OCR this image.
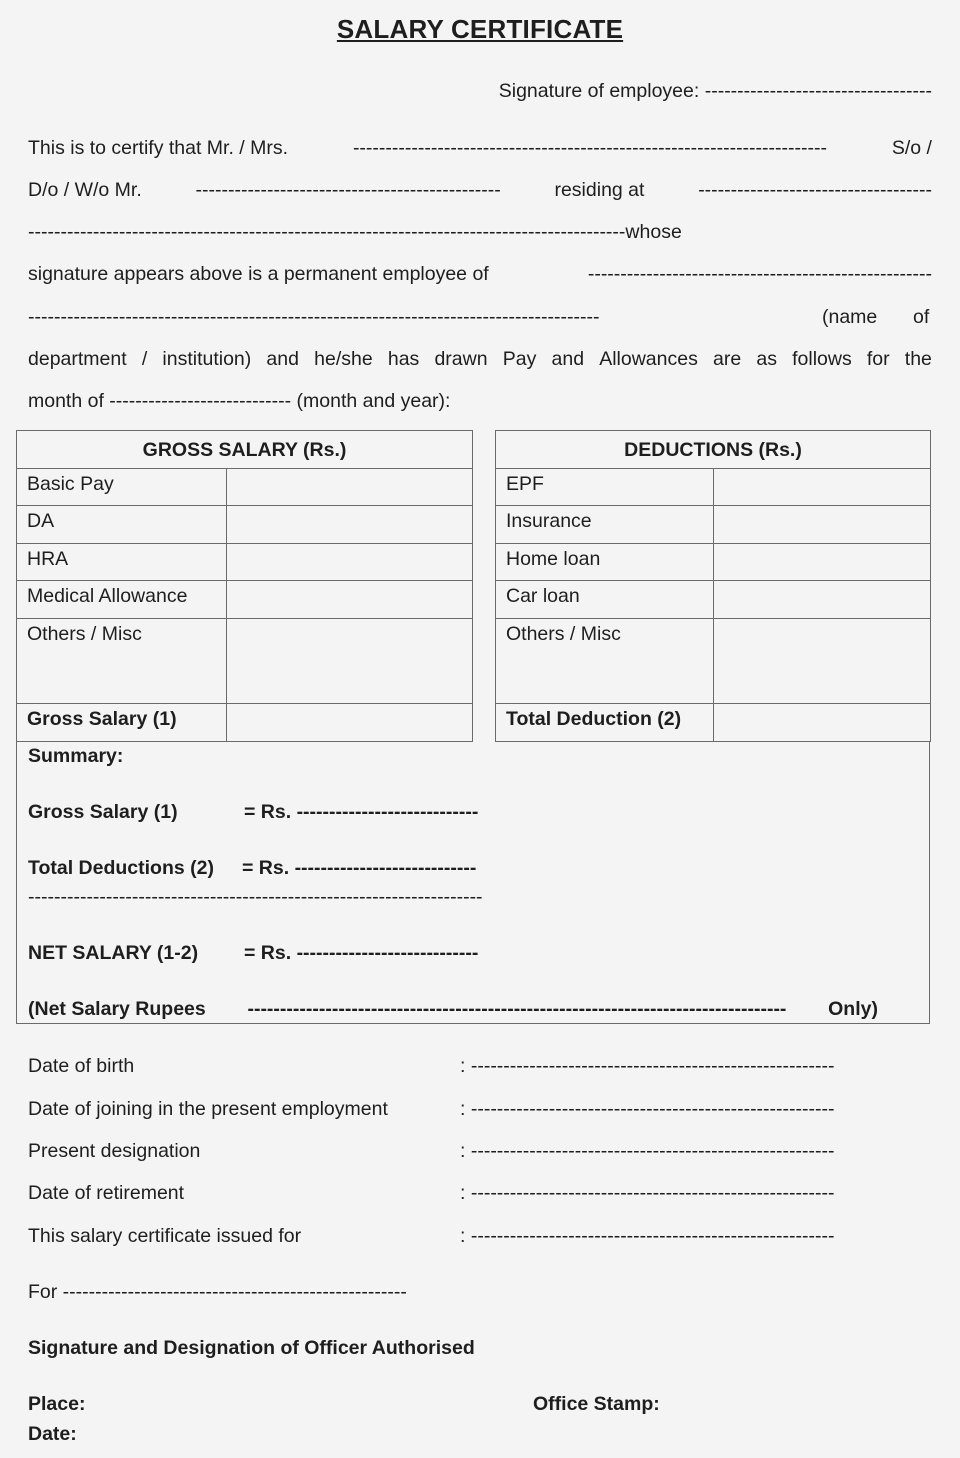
SALARY CERTIFICATE
Signature of employee: -----------------------------------
This is to certify that Mr. / Mrs.	-------------------------------------------------------------------------	S/o /
D/o / W/o Mr.	-----------------------------------------------	residing at	------------------------------------
--------------------------------------------------------------------------------------------whose
signature appears above is a permanent employee of	-----------------------------------------------------
----------------------------------------------------------------------------------------	(name of
department / institution) and he/she has drawn Pay and Allowances are as follows for the
month of ---------------------------- (month and year):
GROSS SALARY (Rs.)	
Basic Pay	
DA	
HRA	
Medical Allowance	
Others / Misc	
Gross Salary (1)	
DEDUCTIONS (Rs.)	
EPF	
Insurance	
Home loan	
Car loan	
Others / Misc	
Total Deduction (2)	
Summary:
Gross Salary (1)	= Rs. ----------------------------
Total Deductions (2) = Rs. ----------------------------
----------------------------------------------------------------------
NET SALARY (1-2) = Rs. ----------------------------
(Net Salary Rupees ----------------------------------------------------------------------------------- Only)
Date of birth	: --------------------------------------------------------
Date of joining in the present employment	: --------------------------------------------------------
Present designation	: --------------------------------------------------------
Date of retirement	: --------------------------------------------------------
This salary certificate issued for	: --------------------------------------------------------
For -----------------------------------------------------
Signature and Designation of Officer Authorised
Place:
Date:
Office Stamp:
